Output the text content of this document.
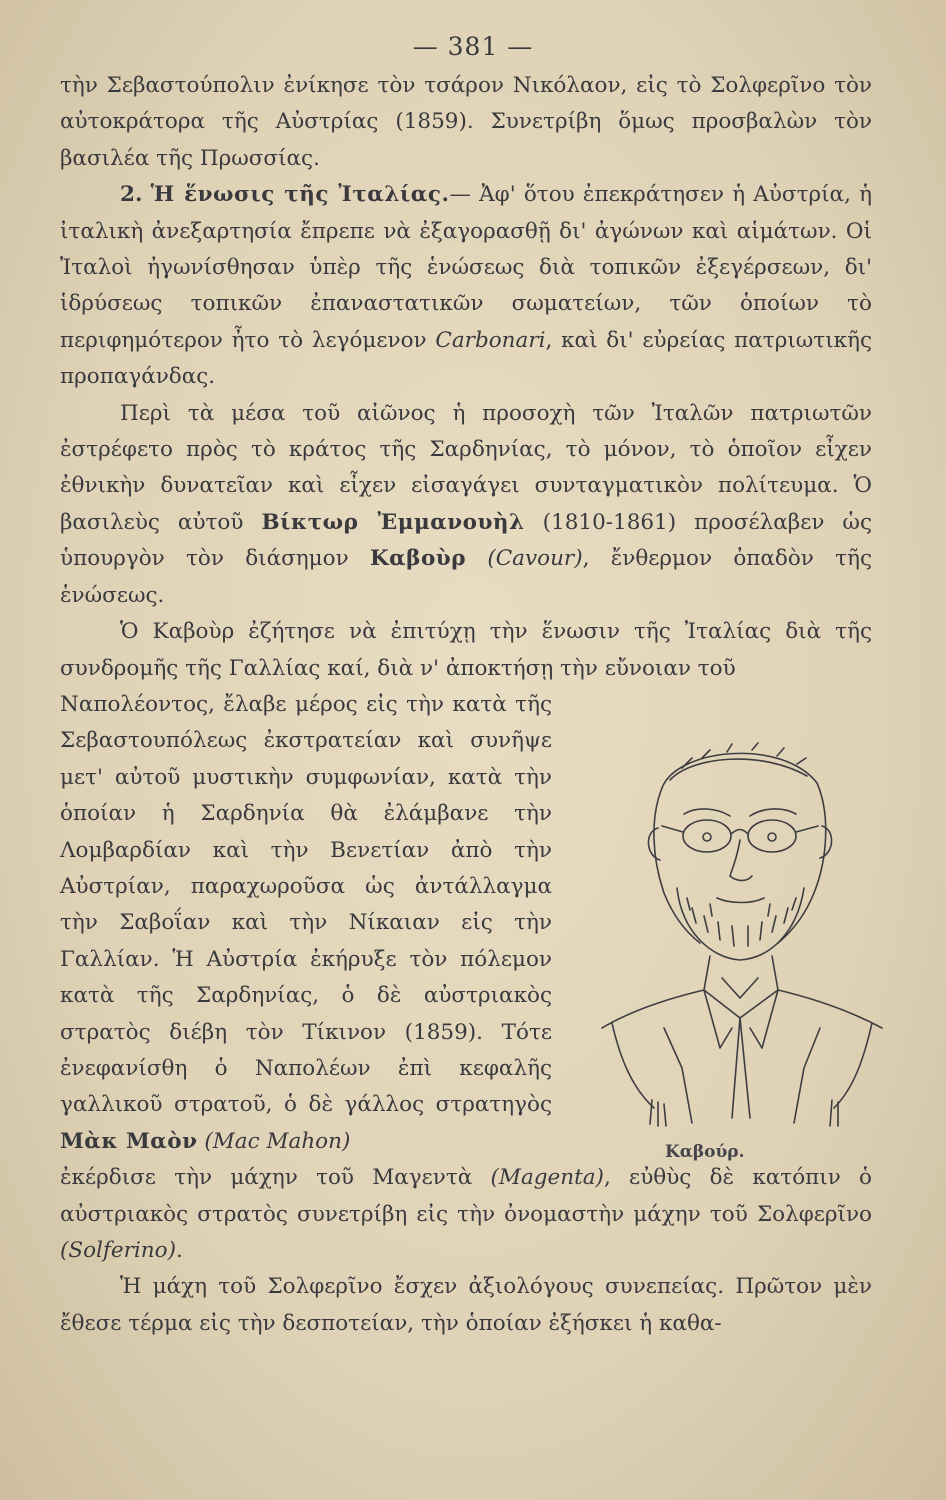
— 381 —

τὴν Σεβαστούπολιν ἐνίκησε τὸν τσάρον Νικόλαον, εἰς τὸ Σολφερῖνο τὸν αὐτοκράτορα τῆς Αὐστρίας (1859). Συνετρίβη ὅμως προσβαλὼν τὸν βασιλέα τῆς Πρωσσίας.

2. Ἡ ἕνωσις τῆς Ἰταλίας.— Ἀφ' ὅτου ἐπεκράτησεν ἡ Αὐστρία, ἡ ἰταλικὴ ἀνεξαρτησία ἔπρεπε νὰ ἐξαγορασθῇ δι' ἀγώνων καὶ αἱμάτων. Οἱ Ἰταλοὶ ἠγωνίσθησαν ὑπὲρ τῆς ἑνώσεως διὰ τοπικῶν ἐξεγέρσεων, δι' ἱδρύσεως τοπικῶν ἐπαναστατικῶν σωματείων, τῶν ὁποίων τὸ περιφημότερον ἦτο τὸ λεγόμενον Carbonari, καὶ δι' εὐρείας πατριωτικῆς προπαγάνδας.

Περὶ τὰ μέσα τοῦ αἰῶνος ἡ προσοχὴ τῶν Ἰταλῶν πατριωτῶν ἐστρέφετο πρὸς τὸ κράτος τῆς Σαρδηνίας, τὸ μόνον, τὸ ὁποῖον εἶχεν ἐθνικὴν δυνατεῖαν καὶ εἶχεν εἰσαγάγει συνταγματικὸν πολίτευμα. Ὁ βασιλεὺς αὐτοῦ Βίκτωρ Ἐμμανουὴλ (1810-1861) προσέλαβεν ὡς ὑπουργὸν τὸν διάσημον Καβοὺρ (Cavour), ἔνθερμον ὀπαδὸν τῆς ἑνώσεως.

Ὁ Καβοὺρ ἐζήτησε νὰ ἐπιτύχῃ τὴν ἕνωσιν τῆς Ἰταλίας διὰ τῆς συνδρομῆς τῆς Γαλλίας καί, διὰ ν' ἀποκτήσῃ τὴν εὔνοιαν τοῦ

Ναπολέοντος, ἔλαβε μέρος εἰς τὴν κατὰ τῆς Σεβαστουπόλεως ἐκστρατείαν καὶ συνῆψε μετ' αὐτοῦ μυστικὴν συμφωνίαν, κατὰ τὴν ὁποίαν ἡ Σαρδηνία θὰ ἐλάμβανε τὴν Λομβαρδίαν καὶ τὴν Βενετίαν ἀπὸ τὴν Αὐστρίαν, παραχωροῦσα ὡς ἀντάλλαγμα τὴν Σαβοΐαν καὶ τὴν Νίκαιαν εἰς τὴν Γαλλίαν. Ἡ Αὐστρία ἐκήρυξε τὸν πόλεμον κατὰ τῆς Σαρδηνίας, ὁ δὲ αὐστριακὸς στρατὸς διέβη τὸν Τίκινον (1859). Τότε ἐνεφανίσθη ὁ Ναπολέων ἐπὶ κεφαλῆς γαλλικοῦ στρατοῦ, ὁ δὲ γάλλος στρατηγὸς Μὰκ Μαὸν (Mac Mahon)

ἐκέρδισε τὴν μάχην τοῦ Μαγεντὰ (Magenta), εὐθὺς δὲ κατόπιν ὁ αὐστριακὸς στρατὸς συνετρίβη εἰς τὴν ὀνομαστὴν μάχην τοῦ Σολφερῖνο (Solferino).

Ἡ μάχη τοῦ Σολφερῖνο ἔσχεν ἀξιολόγους συνεπείας. Πρῶτον μὲν ἔθεσε τέρμα εἰς τὴν δεσποτείαν, τὴν ὁποίαν ἐξήσκει ἡ καθα-

Καβούρ.
